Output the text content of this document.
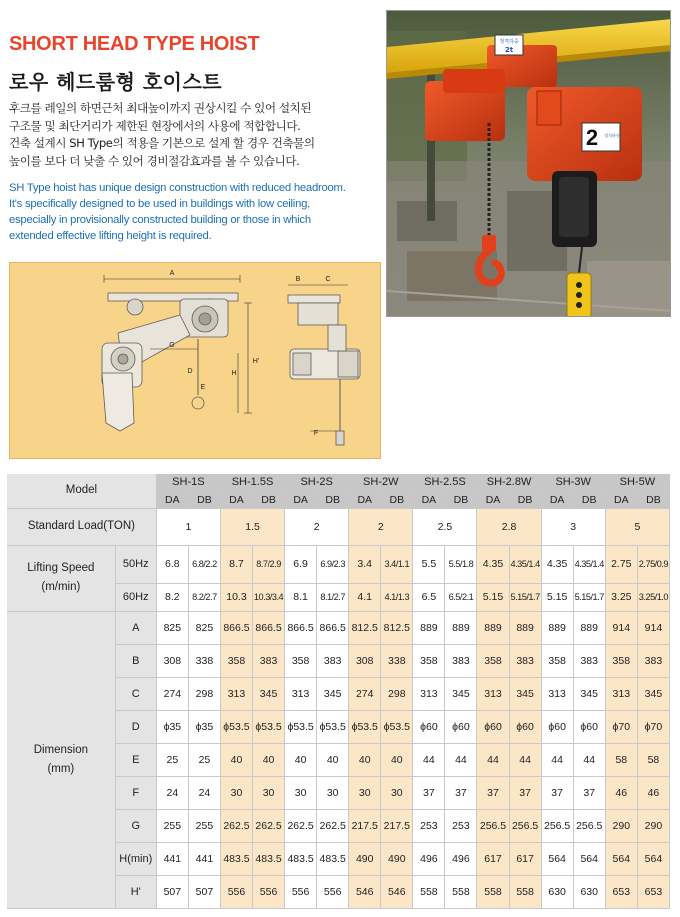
SHORT HEAD TYPE HOIST
로우 헤드룸형 호이스트
후크를 레일의 하면근처 최대높이까지 권상시킬 수 있어 설치된
구조물 및 최단거리가 제한된 현장에서의 사용에 적합합니다.
건축 설계시 SH Type의 적용을 기본으로 설계 할 경우 건축물의
높이를 보다 더 낮출 수 있어 경비절감효과를 볼 수 있습니다.
SH Type hoist has unique design construction with reduced headroom.
It's specifically designed to be used in buildings with low ceiling,
especially in provisionally constructed building or those in which
extended effective lifting height is required.
정격하중
2t
2 정격하중
A
B	C
D
E
F
G
H
H'
Model		SH-1S		SH-1.5S		SH-2S		SH-2W		SH-2.5S		SH-2.8W		SH-3W		SH-5W	
		DA	DB	DA	DB	DA	DB	DA	DB	DA	DB	DA	DB	DA	DB	DA	DB
Standard Load(TON)		1		1.5		2		2		2.5		2.8		3		5	

Lifting Speed
(m/min)	50Hz	6.8	6.8/2.2	8.7	8.7/2.9	6.9	6.9/2.3	3.4	3.4/1.1	5.5	5.5/1.8	4.35	4.35/1.4	4.35	4.35/1.4	2.75	2.75/0.9
	60Hz	8.2	8.2/2.7	10.3	10.3/3.4	8.1	8.1/2.7	4.1	4.1/1.3	6.5	6.5/2.1	5.15	5.15/1.7	5.15	5.15/1.7	3.25	3.25/1.0

Dimension
(mm)	A	825	825	866.5	866.5	866.5	866.5	812.5	812.5	889	889	889	889	889	889	914	914
	B	308	338	358	383	358	383	308	338	358	383	358	383	358	383	358	383
	C	274	298	313	345	313	345	274	298	313	345	313	345	313	345	313	345
	D	ϕ35	ϕ35	ϕ53.5	ϕ53.5	ϕ53.5	ϕ53.5	ϕ53.5	ϕ53.5	ϕ60	ϕ60	ϕ60	ϕ60	ϕ60	ϕ60	ϕ70	ϕ70
	E	25	25	40	40	40	40	40	40	44	44	44	44	44	44	58	58
	F	24	24	30	30	30	30	30	30	37	37	37	37	37	37	46	46
	G	255	255	262.5	262.5	262.5	262.5	217.5	217.5	253	253	256.5	256.5	256.5	256.5	290	290
	H(min)	441	441	483.5	483.5	483.5	483.5	490	490	496	496	617	617	564	564	564	564
	H'	507	507	556	556	556	556	546	546	558	558	558	558	630	630	653	653
